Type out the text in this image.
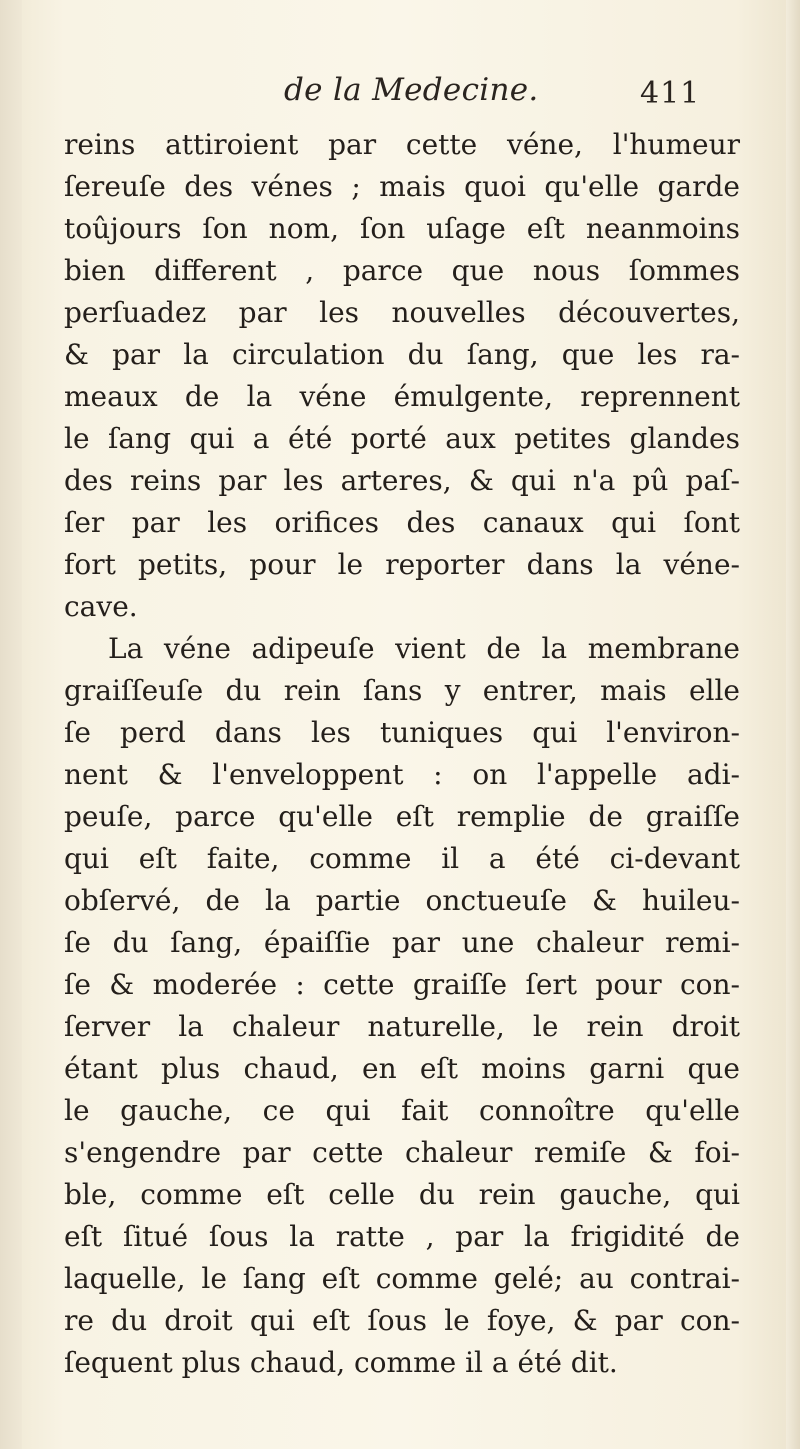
de la Medecine.	411
reins attiroient par cette véne, l'humeur
ſereuſe des vénes ; mais quoi qu'elle garde
toûjours ſon nom, ſon uſage eſt neanmoins
bien different , parce que nous ſommes
perſuadez par les nouvelles découvertes,
& par la circulation du ſang, que les ra-
meaux de la véne émulgente, reprennent
le ſang qui a été porté aux petites glandes
des reins par les arteres, & qui n'a pû paſ-
ſer par les orifices des canaux qui ſont
fort petits, pour le reporter dans la véne-
cave.
La véne adipeuſe vient de la membrane
graiſſeuſe du rein ſans y entrer, mais elle
ſe perd dans les tuniques qui l'environ-
nent & l'enveloppent : on l'appelle adi-
peuſe, parce qu'elle eſt remplie de graiſſe
qui eſt faite, comme il a été ci-devant
obſervé, de la partie onctueuſe & huileu-
ſe du ſang, épaiſſie par une chaleur remi-
ſe & moderée : cette graiſſe ſert pour con-
ſerver la chaleur naturelle, le rein droit
étant plus chaud, en eſt moins garni que
le gauche, ce qui fait connoître qu'elle
s'engendre par cette chaleur remiſe & foi-
ble, comme eſt celle du rein gauche, qui
eſt ſitué ſous la ratte , par la frigidité de
laquelle, le ſang eſt comme gelé; au contrai-
re du droit qui eſt ſous le foye, & par con-
ſequent plus chaud, comme il a été dit.
